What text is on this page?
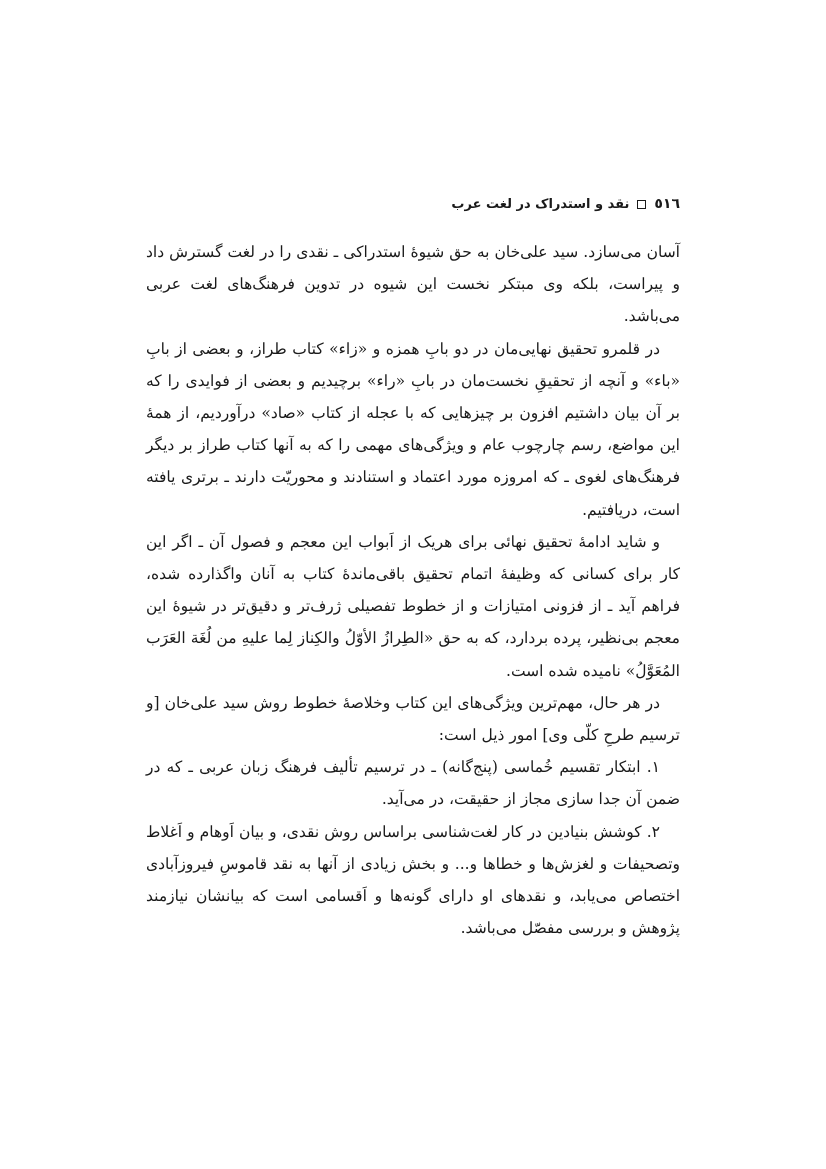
٥١٦
نقد و استدراک در لغت عرب

آسان می‌سازد. سید علی‌خان به حق شیوهٔ استدراکی ـ نقدی را در لغت گسترش داد و پیراست، بلکه وی مبتکر نخست این شیوه در تدوین فرهنگ‌های لغت عربی می‌باشد.

در قلمرو تحقیق نهایی‌مان در دو بابِ همزه و «زاء» کتاب طراز، و بعضی از بابِ «باء» و آنچه از تحقیقِ نخست‌مان در بابِ «راء» برچیدیم و بعضی از فوایدی را که بر آن بیان داشتیم افزون بر چیزهایی که با عجله از کتاب «صاد» درآوردیم، از همهٔ این مواضع، رسم چارچوب عام و ویژگی‌های مهمی را که به آنها کتاب طراز بر دیگر فرهنگ‌های لغوی ـ که امروزه مورد اعتماد و استنادند و محوریّت دارند ـ برتری یافته است، دریافتیم.

و شاید ادامهٔ تحقیق نهائی برای هریک از اَبواب این معجم و فصول آن ـ اگر این کار برای کسانی که وظیفهٔ اتمام تحقیق باقی‌ماندهٔ کتاب به آنان واگذارده شده، فراهم آید ـ از فزونی امتیازات و از خطوط تفصیلی ژرف‌تر و دقیق‌تر در شیوهٔ این معجم بی‌نظیر، پرده بردارد، که به حق «الطِرازُ الأوّلُ والکِناز لِما علیهِ من لُغَة العَرَب المُعَوَّلُ» نامیده شده است.

در هر حال، مهم‌ترین ویژگی‌های این کتاب وخلاصهٔ خطوط روش سید علی‌خان [و ترسیم طرحِ کلّی وی] امور ذیل است:

۱. ابتکار تقسیم خُماسی (پنج‌گانه) ـ در ترسیم تألیف فرهنگ زبان عربی ـ که در ضمن آن جدا سازی مجاز از حقیقت، در می‌آید.

۲. کوشش بنیادین در کار لغت‌شناسی براساس روش نقدی، و بیان اَوهام و اَغلاط وتصحیفات و لغزش‌ها و خطاها و... و بخش زیادی از آنها به نقد قاموسِ فیروزآبادی اختصاص می‌یابد، و نقدهای او دارای گونه‌ها و اَقسامی است که بیانشان نیازمند پژوهش و بررسی مفصّل می‌باشد.
